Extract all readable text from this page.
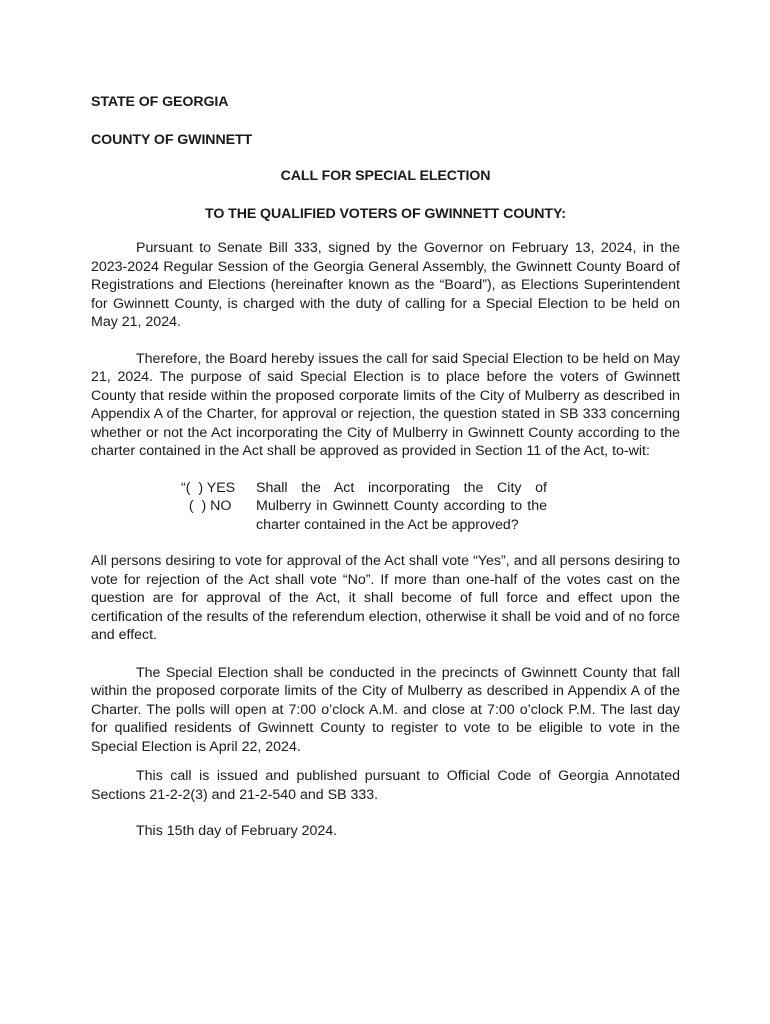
STATE OF GEORGIA
COUNTY OF GWINNETT
CALL FOR SPECIAL ELECTION
TO THE QUALIFIED VOTERS OF GWINNETT COUNTY:

Pursuant to Senate Bill 333, signed by the Governor on February 13, 2024, in the 2023-2024 Regular Session of the Georgia General Assembly, the Gwinnett County Board of Registrations and Elections (hereinafter known as the “Board”), as Elections Superintendent for Gwinnett County, is charged with the duty of calling for a Special Election to be held on May 21, 2024.

Therefore, the Board hereby issues the call for said Special Election to be held on May 21, 2024. The purpose of said Special Election is to place before the voters of Gwinnett County that reside within the proposed corporate limits of the City of Mulberry as described in Appendix A of the Charter, for approval or rejection, the question stated in SB 333 concerning whether or not the Act incorporating the City of Mulberry in Gwinnett County according to the charter contained in the Act shall be approved as provided in Section 11 of the Act, to-wit:

“(  ) YES
(  ) NO
Shall the Act incorporating the City of Mulberry in Gwinnett County according to the charter contained in the Act be approved?

All persons desiring to vote for approval of the Act shall vote “Yes”, and all persons desiring to vote for rejection of the Act shall vote “No”. If more than one-half of the votes cast on the question are for approval of the Act, it shall become of full force and effect upon the certification of the results of the referendum election, otherwise it shall be void and of no force and effect.

The Special Election shall be conducted in the precincts of Gwinnett County that fall within the proposed corporate limits of the City of Mulberry as described in Appendix A of the Charter. The polls will open at 7:00 o’clock A.M. and close at 7:00 o’clock P.M. The last day for qualified residents of Gwinnett County to register to vote to be eligible to vote in the Special Election is April 22, 2024.

This call is issued and published pursuant to Official Code of Georgia Annotated Sections 21-2-2(3) and 21-2-540 and SB 333.

This 15th day of February 2024.
